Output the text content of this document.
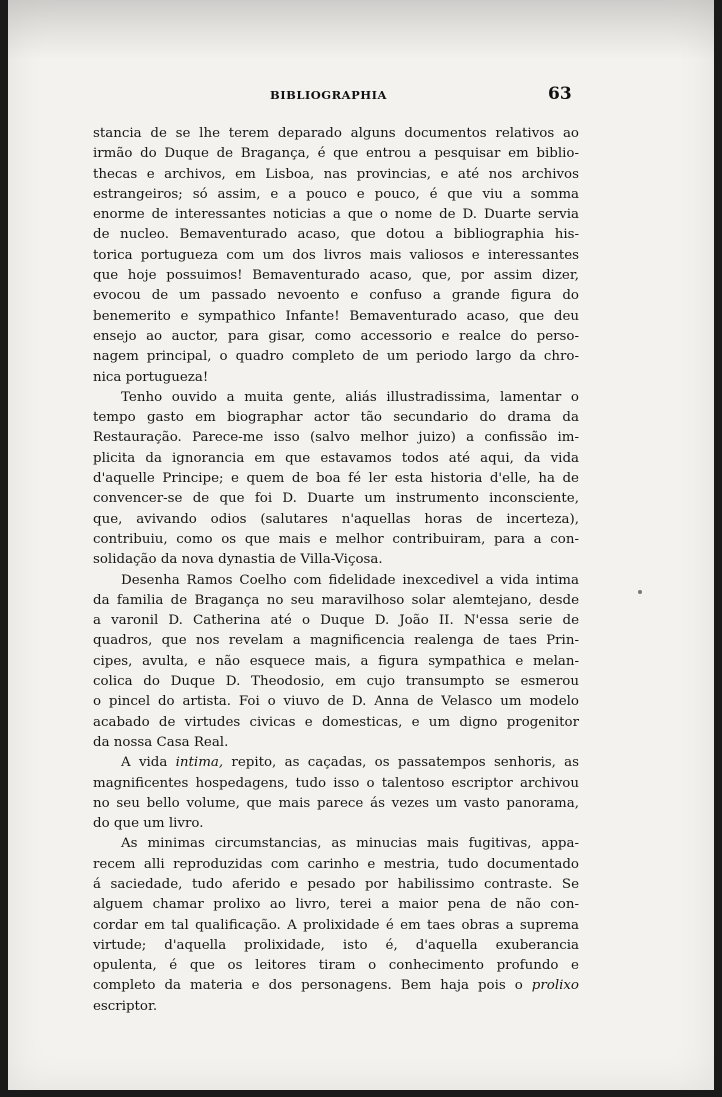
BIBLIOGRAPHIA	63
stancia de se lhe terem deparado alguns documentos relativos ao
irmão do Duque de Bragança, é que entrou a pesquisar em biblio-
thecas e archivos, em Lisboa, nas provincias, e até nos archivos
estrangeiros; só assim, e a pouco e pouco, é que viu a somma
enorme de interessantes noticias a que o nome de D. Duarte servia
de nucleo. Bemaventurado acaso, que dotou a bibliographia his-
torica portugueza com um dos livros mais valiosos e interessantes
que hoje possuimos! Bemaventurado acaso, que, por assim dizer,
evocou de um passado nevoento e confuso a grande figura do
benemerito e sympathico Infante! Bemaventurado acaso, que deu
ensejo ao auctor, para gisar, como accessorio e realce do perso-
nagem principal, o quadro completo de um periodo largo da chro-
nica portugueza!
Tenho ouvido a muita gente, aliás illustradissima, lamentar o
tempo gasto em biographar actor tão secundario do drama da
Restauração. Parece-me isso (salvo melhor juizo) a confissão im-
plicita da ignorancia em que estavamos todos até aqui, da vida
d'aquelle Principe; e quem de boa fé ler esta historia d'elle, ha de
convencer-se de que foi D. Duarte um instrumento inconsciente,
que, avivando odios (salutares n'aquellas horas de incerteza),
contribuiu, como os que mais e melhor contribuiram, para a con-
solidação da nova dynastia de Villa-Viçosa.
Desenha Ramos Coelho com fidelidade inexcedivel a vida intima
da familia de Bragança no seu maravilhoso solar alemtejano, desde
a varonil D. Catherina até o Duque D. João II. N'essa serie de
quadros, que nos revelam a magnificencia realenga de taes Prin-
cipes, avulta, e não esquece mais, a figura sympathica e melan-
colica do Duque D. Theodosio, em cujo transumpto se esmerou
o pincel do artista. Foi o viuvo de D. Anna de Velasco um modelo
acabado de virtudes civicas e domesticas, e um digno progenitor
da nossa Casa Real.
A vida intima, repito, as caçadas, os passatempos senhoris, as
magnificentes hospedagens, tudo isso o talentoso escriptor archivou
no seu bello volume, que mais parece ás vezes um vasto panorama,
do que um livro.
As minimas circumstancias, as minucias mais fugitivas, appa-
recem alli reproduzidas com carinho e mestria, tudo documentado
á saciedade, tudo aferido e pesado por habilissimo contraste. Se
alguem chamar prolixo ao livro, terei a maior pena de não con-
cordar em tal qualificação. A prolixidade é em taes obras a suprema
virtude; d'aquella prolixidade, isto é, d'aquella exuberancia
opulenta, é que os leitores tiram o conhecimento profundo e
completo da materia e dos personagens. Bem haja pois o prolixo
escriptor.
